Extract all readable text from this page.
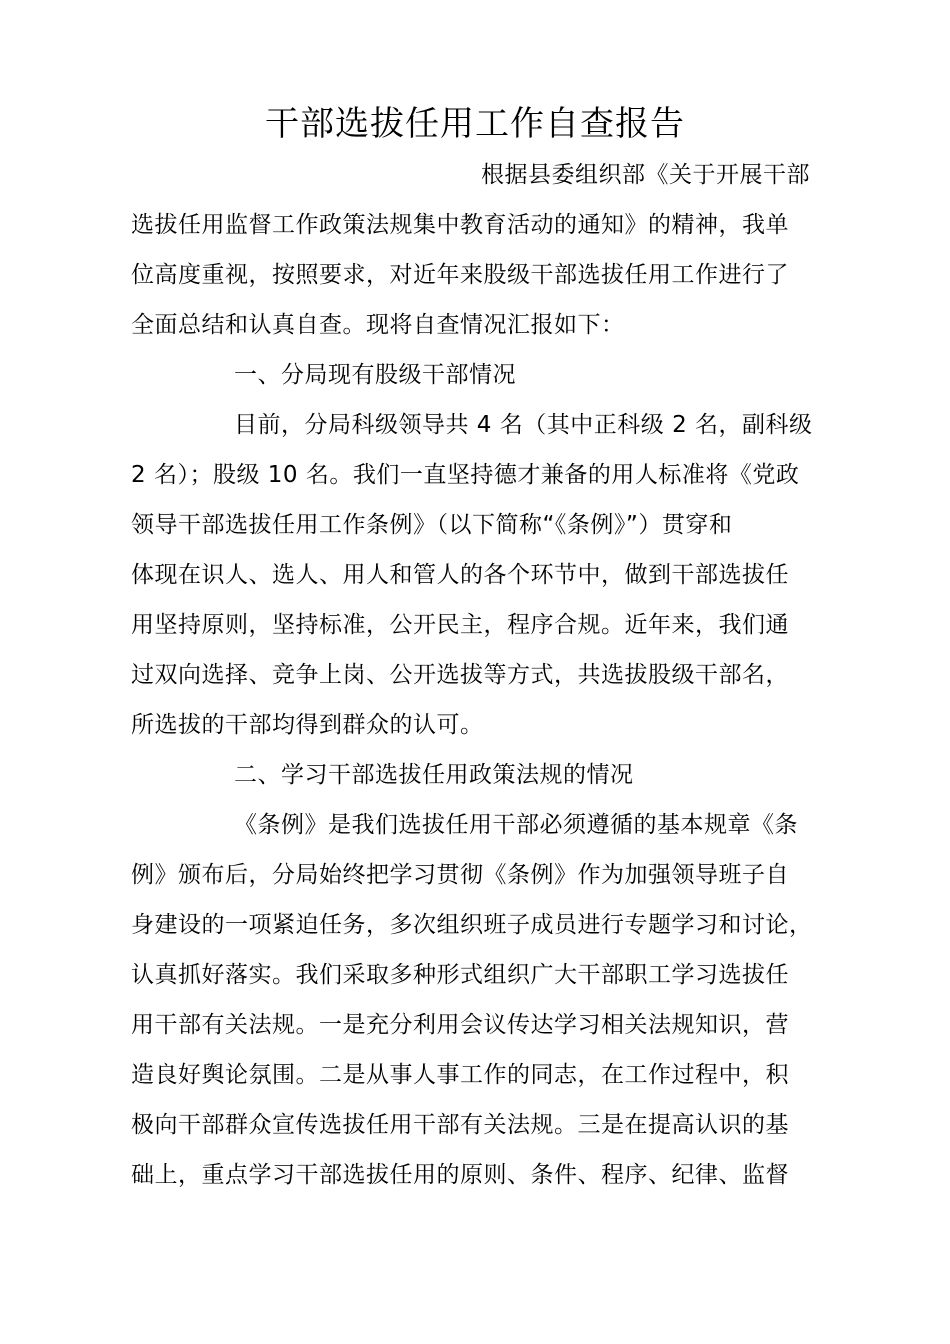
干部选拔任用工作自查报告
根据县委组织部《关于开展干部
选拔任用监督工作政策法规集中教育活动的通知》的精神，我单
位高度重视，按照要求，对近年来股级干部选拔任用工作进行了
全面总结和认真自查。现将自查情况汇报如下：
一、分局现有股级干部情况
目前，分局科级领导共 4 名（其中正科级 2 名，副科级
2 名）；股级 10 名。我们一直坚持德才兼备的用人标准将《党政
领导干部选拔任用工作条例》（以下简称“《条例》”）贯穿和
体现在识人、选人、用人和管人的各个环节中，做到干部选拔任
用坚持原则，坚持标准，公开民主，程序合规。近年来，我们通
过双向选择、竞争上岗、公开选拔等方式，共选拔股级干部名，
所选拔的干部均得到群众的认可。
二、学习干部选拔任用政策法规的情况
《条例》是我们选拔任用干部必须遵循的基本规章《条
例》颁布后，分局始终把学习贯彻《条例》作为加强领导班子自
身建设的一项紧迫任务，多次组织班子成员进行专题学习和讨论，
认真抓好落实。我们采取多种形式组织广大干部职工学习选拔任
用干部有关法规。一是充分利用会议传达学习相关法规知识，营
造良好舆论氛围。二是从事人事工作的同志，在工作过程中，积
极向干部群众宣传选拔任用干部有关法规。三是在提高认识的基
础上，重点学习干部选拔任用的原则、条件、程序、纪律、监督
